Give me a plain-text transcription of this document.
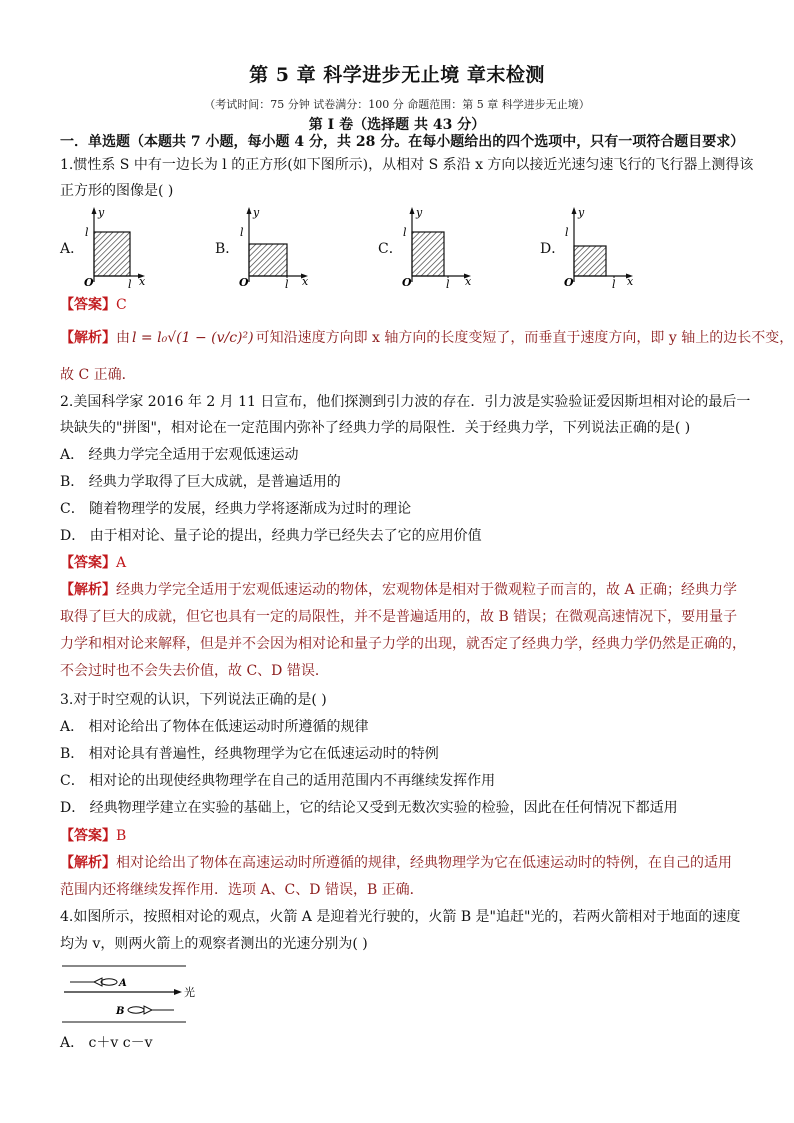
第 5 章 科学进步无止境 章末检测
（考试时间：75 分钟 试卷满分：100 分 命题范围：第 5 章 科学进步无止境）
第 I 卷（选择题 共 43 分）
一．单选题（本题共 7 小题，每小题 4 分，共 28 分。在每小题给出的四个选项中，只有一项符合题目要求）
1.惯性系 S 中有一边长为 l 的正方形(如下图所示)，从相对 S 系沿 x 方向以接近光速匀速飞行的飞行器上测得该
正方形的图像是( )
A．
y
l
O	l x
B．
y
l
O	l x
C．
y
l
O	l x
D．
y
l
O	l x
【答案】C
【解析】由 l = l₀√(1 − (v/c)²) 可知沿速度方向即 x 轴方向的长度变短了，而垂直于速度方向，即 y 轴上的边长不变，
故 C 正确．
2.美国科学家 2016 年 2 月 11 日宣布，他们探测到引力波的存在．引力波是实验验证爱因斯坦相对论的最后一
块缺失的"拼图"，相对论在一定范围内弥补了经典力学的局限性．关于经典力学，下列说法正确的是( )
A． 经典力学完全适用于宏观低速运动
B． 经典力学取得了巨大成就，是普遍适用的
C． 随着物理学的发展，经典力学将逐渐成为过时的理论
D． 由于相对论、量子论的提出，经典力学已经失去了它的应用价值
【答案】A
【解析】经典力学完全适用于宏观低速运动的物体，宏观物体是相对于微观粒子而言的，故 A 正确；经典力学
取得了巨大的成就，但它也具有一定的局限性，并不是普遍适用的，故 B 错误；在微观高速情况下，要用量子
力学和相对论来解释，但是并不会因为相对论和量子力学的出现，就否定了经典力学，经典力学仍然是正确的，
不会过时也不会失去价值，故 C、D 错误．
3.对于时空观的认识，下列说法正确的是( )
A． 相对论给出了物体在低速运动时所遵循的规律
B． 相对论具有普遍性，经典物理学为它在低速运动时的特例
C． 相对论的出现使经典物理学在自己的适用范围内不再继续发挥作用
D． 经典物理学建立在实验的基础上，它的结论又受到无数次实验的检验，因此在任何情况下都适用
【答案】B
【解析】相对论给出了物体在高速运动时所遵循的规律，经典物理学为它在低速运动时的特例，在自己的适用
范围内还将继续发挥作用．选项 A、C、D 错误，B 正确．
4.如图所示，按照相对论的观点，火箭 A 是迎着光行驶的，火箭 B 是"追赶"光的，若两火箭相对于地面的速度
均为 v，则两火箭上的观察者测出的光速分别为( )
A
B
光
A． c＋v c－v
